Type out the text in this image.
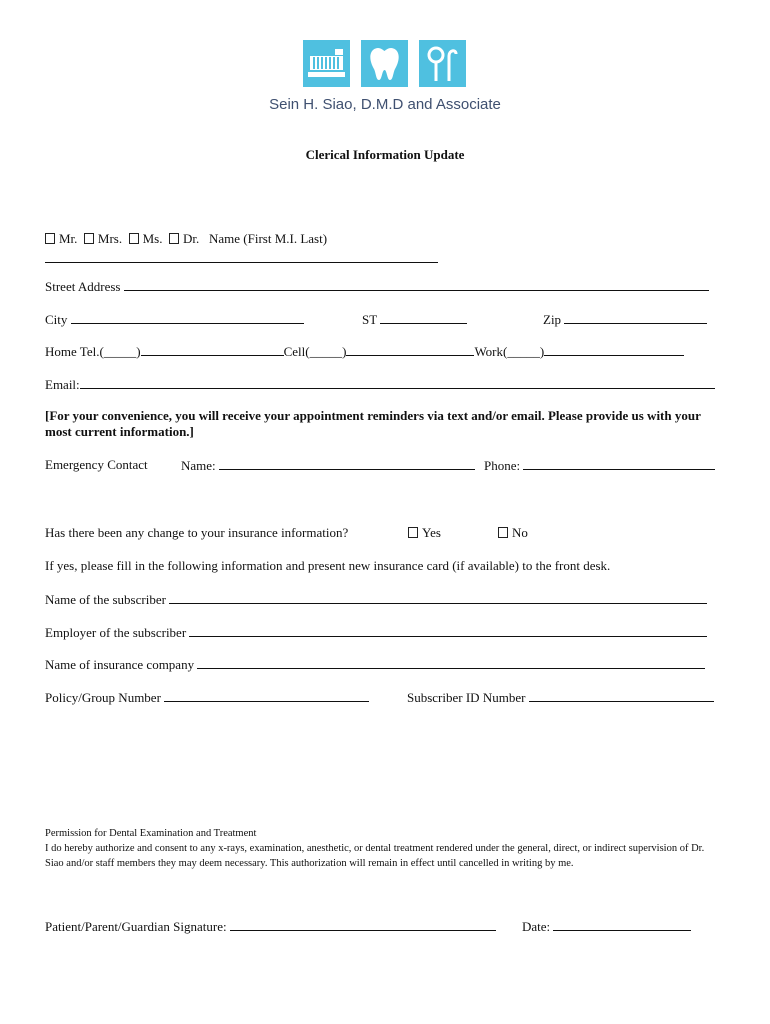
Sein H. Siao, D.M.D and Associate
Clerical Information Update
Mr. Mrs. Ms. Dr. Name (First M.I. Last)
Street Address
City	ST	Zip
Home Tel.(_____)	Cell(_____)	Work(_____)
Email:
[For your convenience, you will receive your appointment reminders via text and/or email. Please provide us with your most current information.]
Emergency Contact	Name:	Phone:
Has there been any change to your insurance information?	Yes	No
If yes, please fill in the following information and present new insurance card (if available) to the front desk.
Name of the subscriber
Employer of the subscriber
Name of insurance company
Policy/Group Number	Subscriber ID Number
Permission for Dental Examination and Treatment
I do hereby authorize and consent to any x-rays, examination, anesthetic, or dental treatment rendered under the general, direct, or indirect supervision of Dr. Siao and/or staff members they may deem necessary. This authorization will remain in effect until cancelled in writing by me.
Patient/Parent/Guardian Signature:	Date:
